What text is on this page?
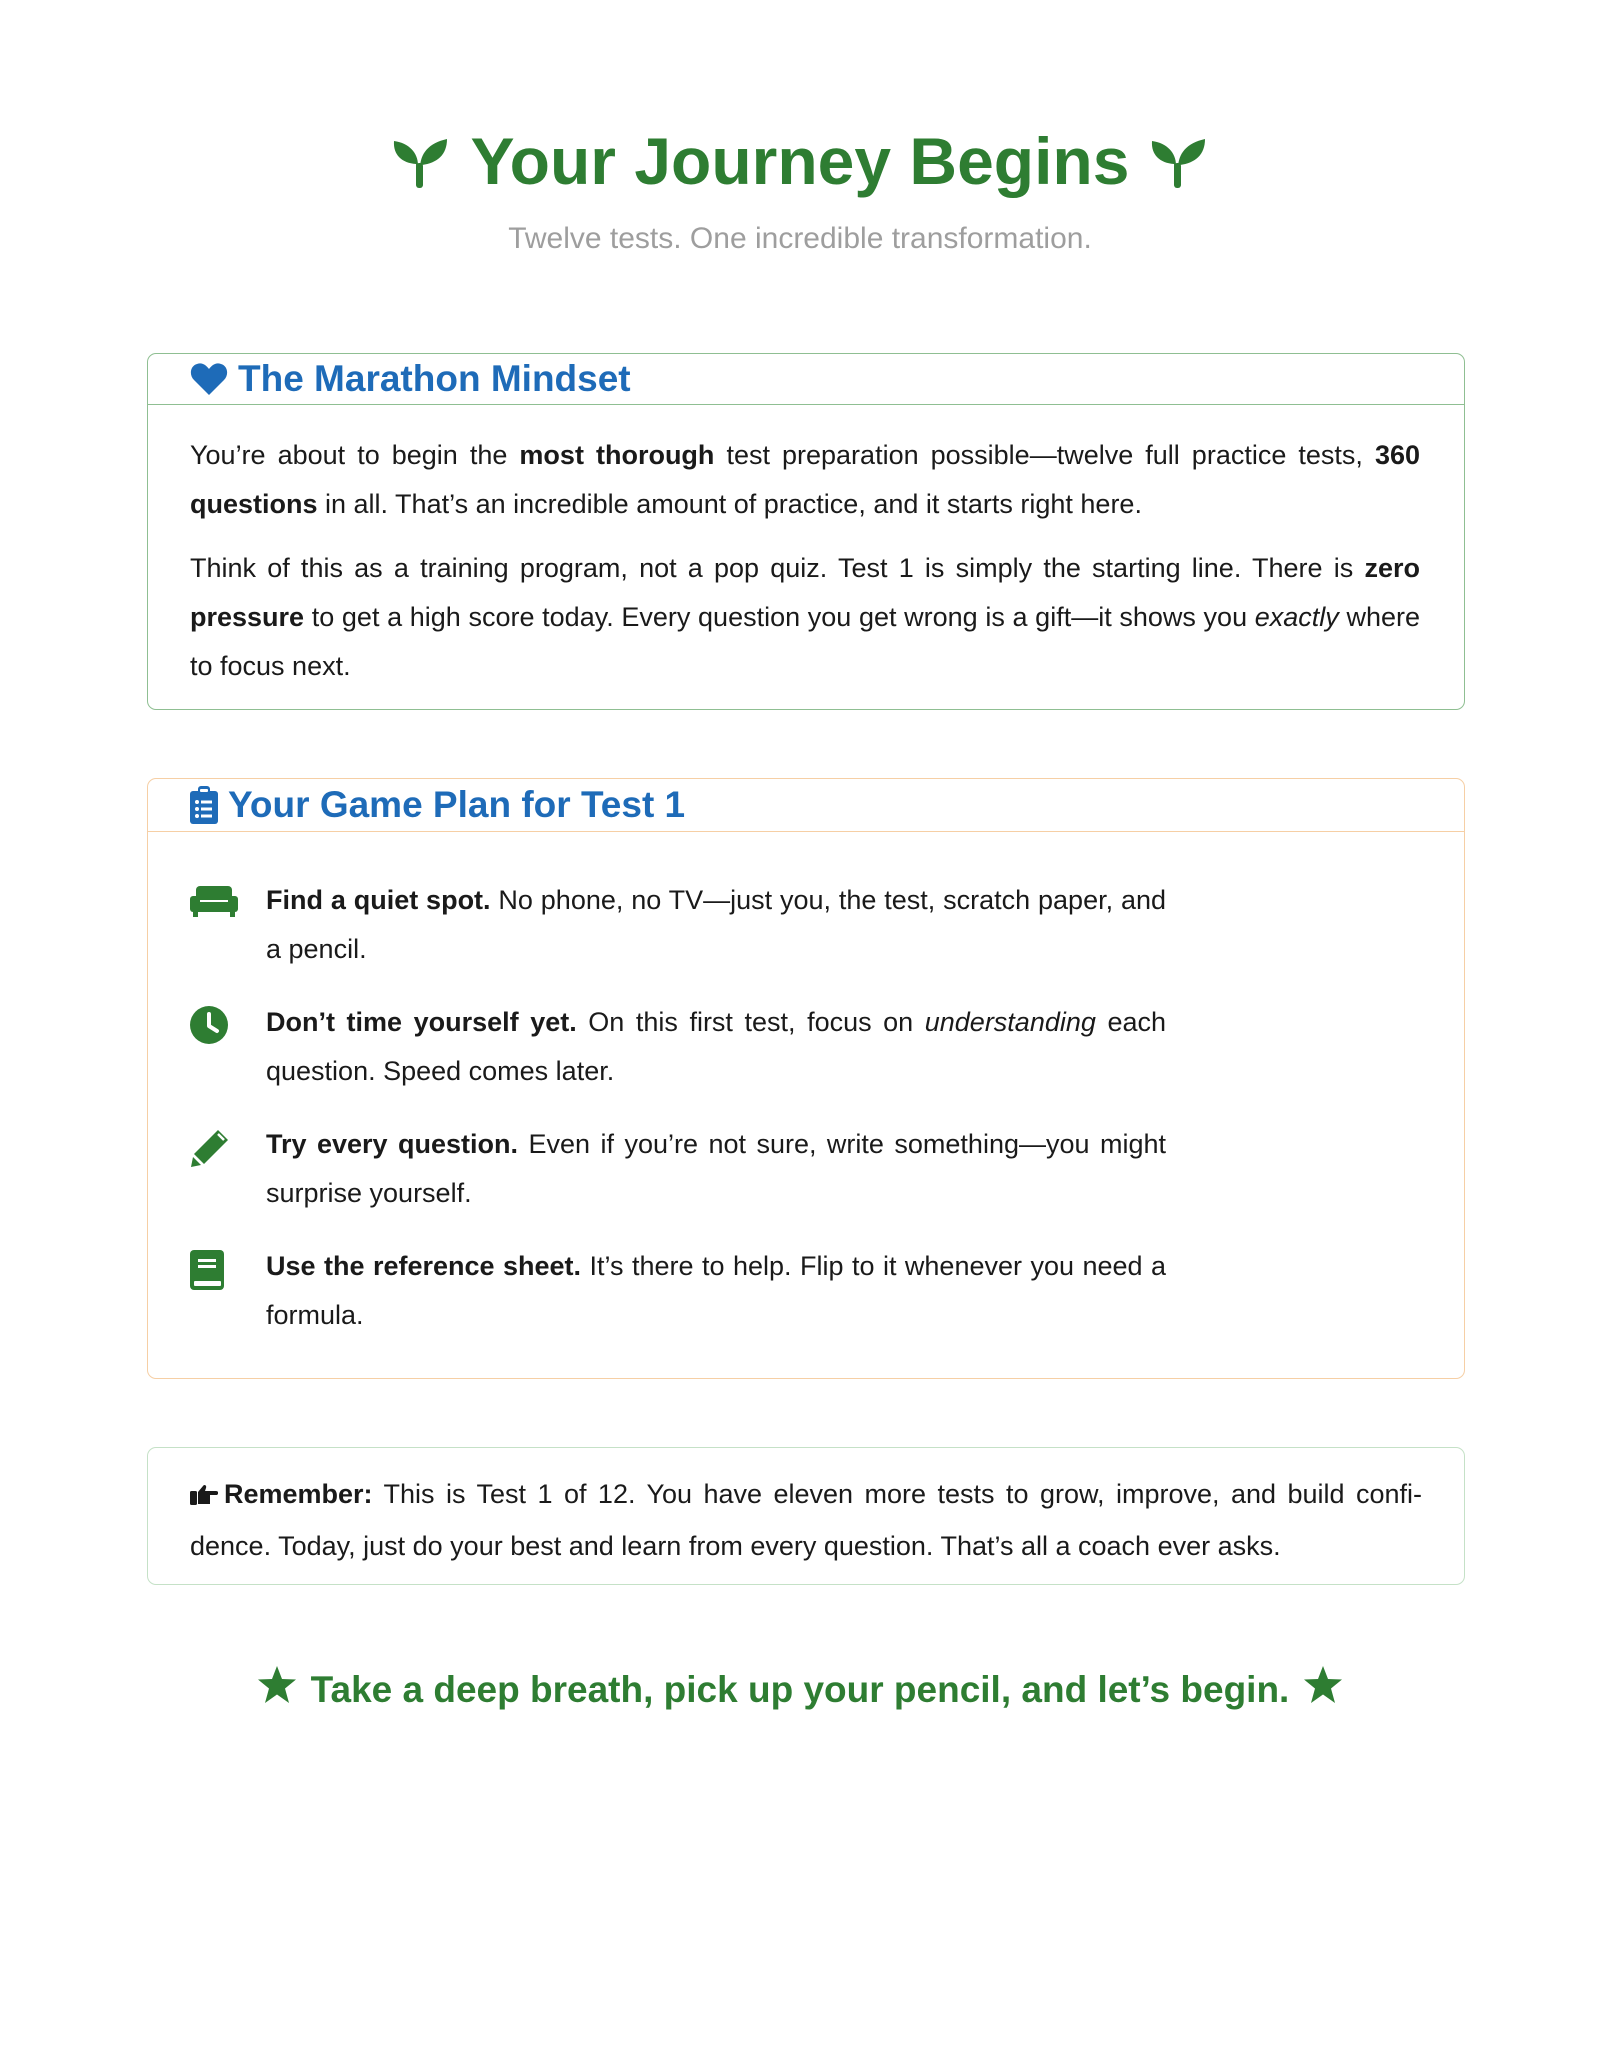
Your Journey Begins
Twelve tests. One incredible transformation.
The Marathon Mindset

You’re about to begin the most thorough test preparation possible—twelve full practice tests, 360 questions in all. That’s an incredible amount of practice, and it starts right here.

Think of this as a training program, not a pop quiz. Test 1 is simply the starting line. There is zero pressure to get a high score today. Every question you get wrong is a gift—it shows you exactly where to focus next.

Your Game Plan for Test 1
Find a quiet spot. No phone, no TV—just you, the test, scratch paper, and a pencil.
Don’t time yourself yet. On this first test, focus on understanding each question. Speed comes later.
Try every question. Even if you’re not sure, write something—you might surprise yourself.
Use the reference sheet. It’s there to help. Flip to it whenever you need a formula.
Remember: This is Test 1 of 12. You have eleven more tests to grow, improve, and build confi-dence. Today, just do your best and learn from every question. That’s all a coach ever asks.
Take a deep breath, pick up your pencil, and let’s begin.
